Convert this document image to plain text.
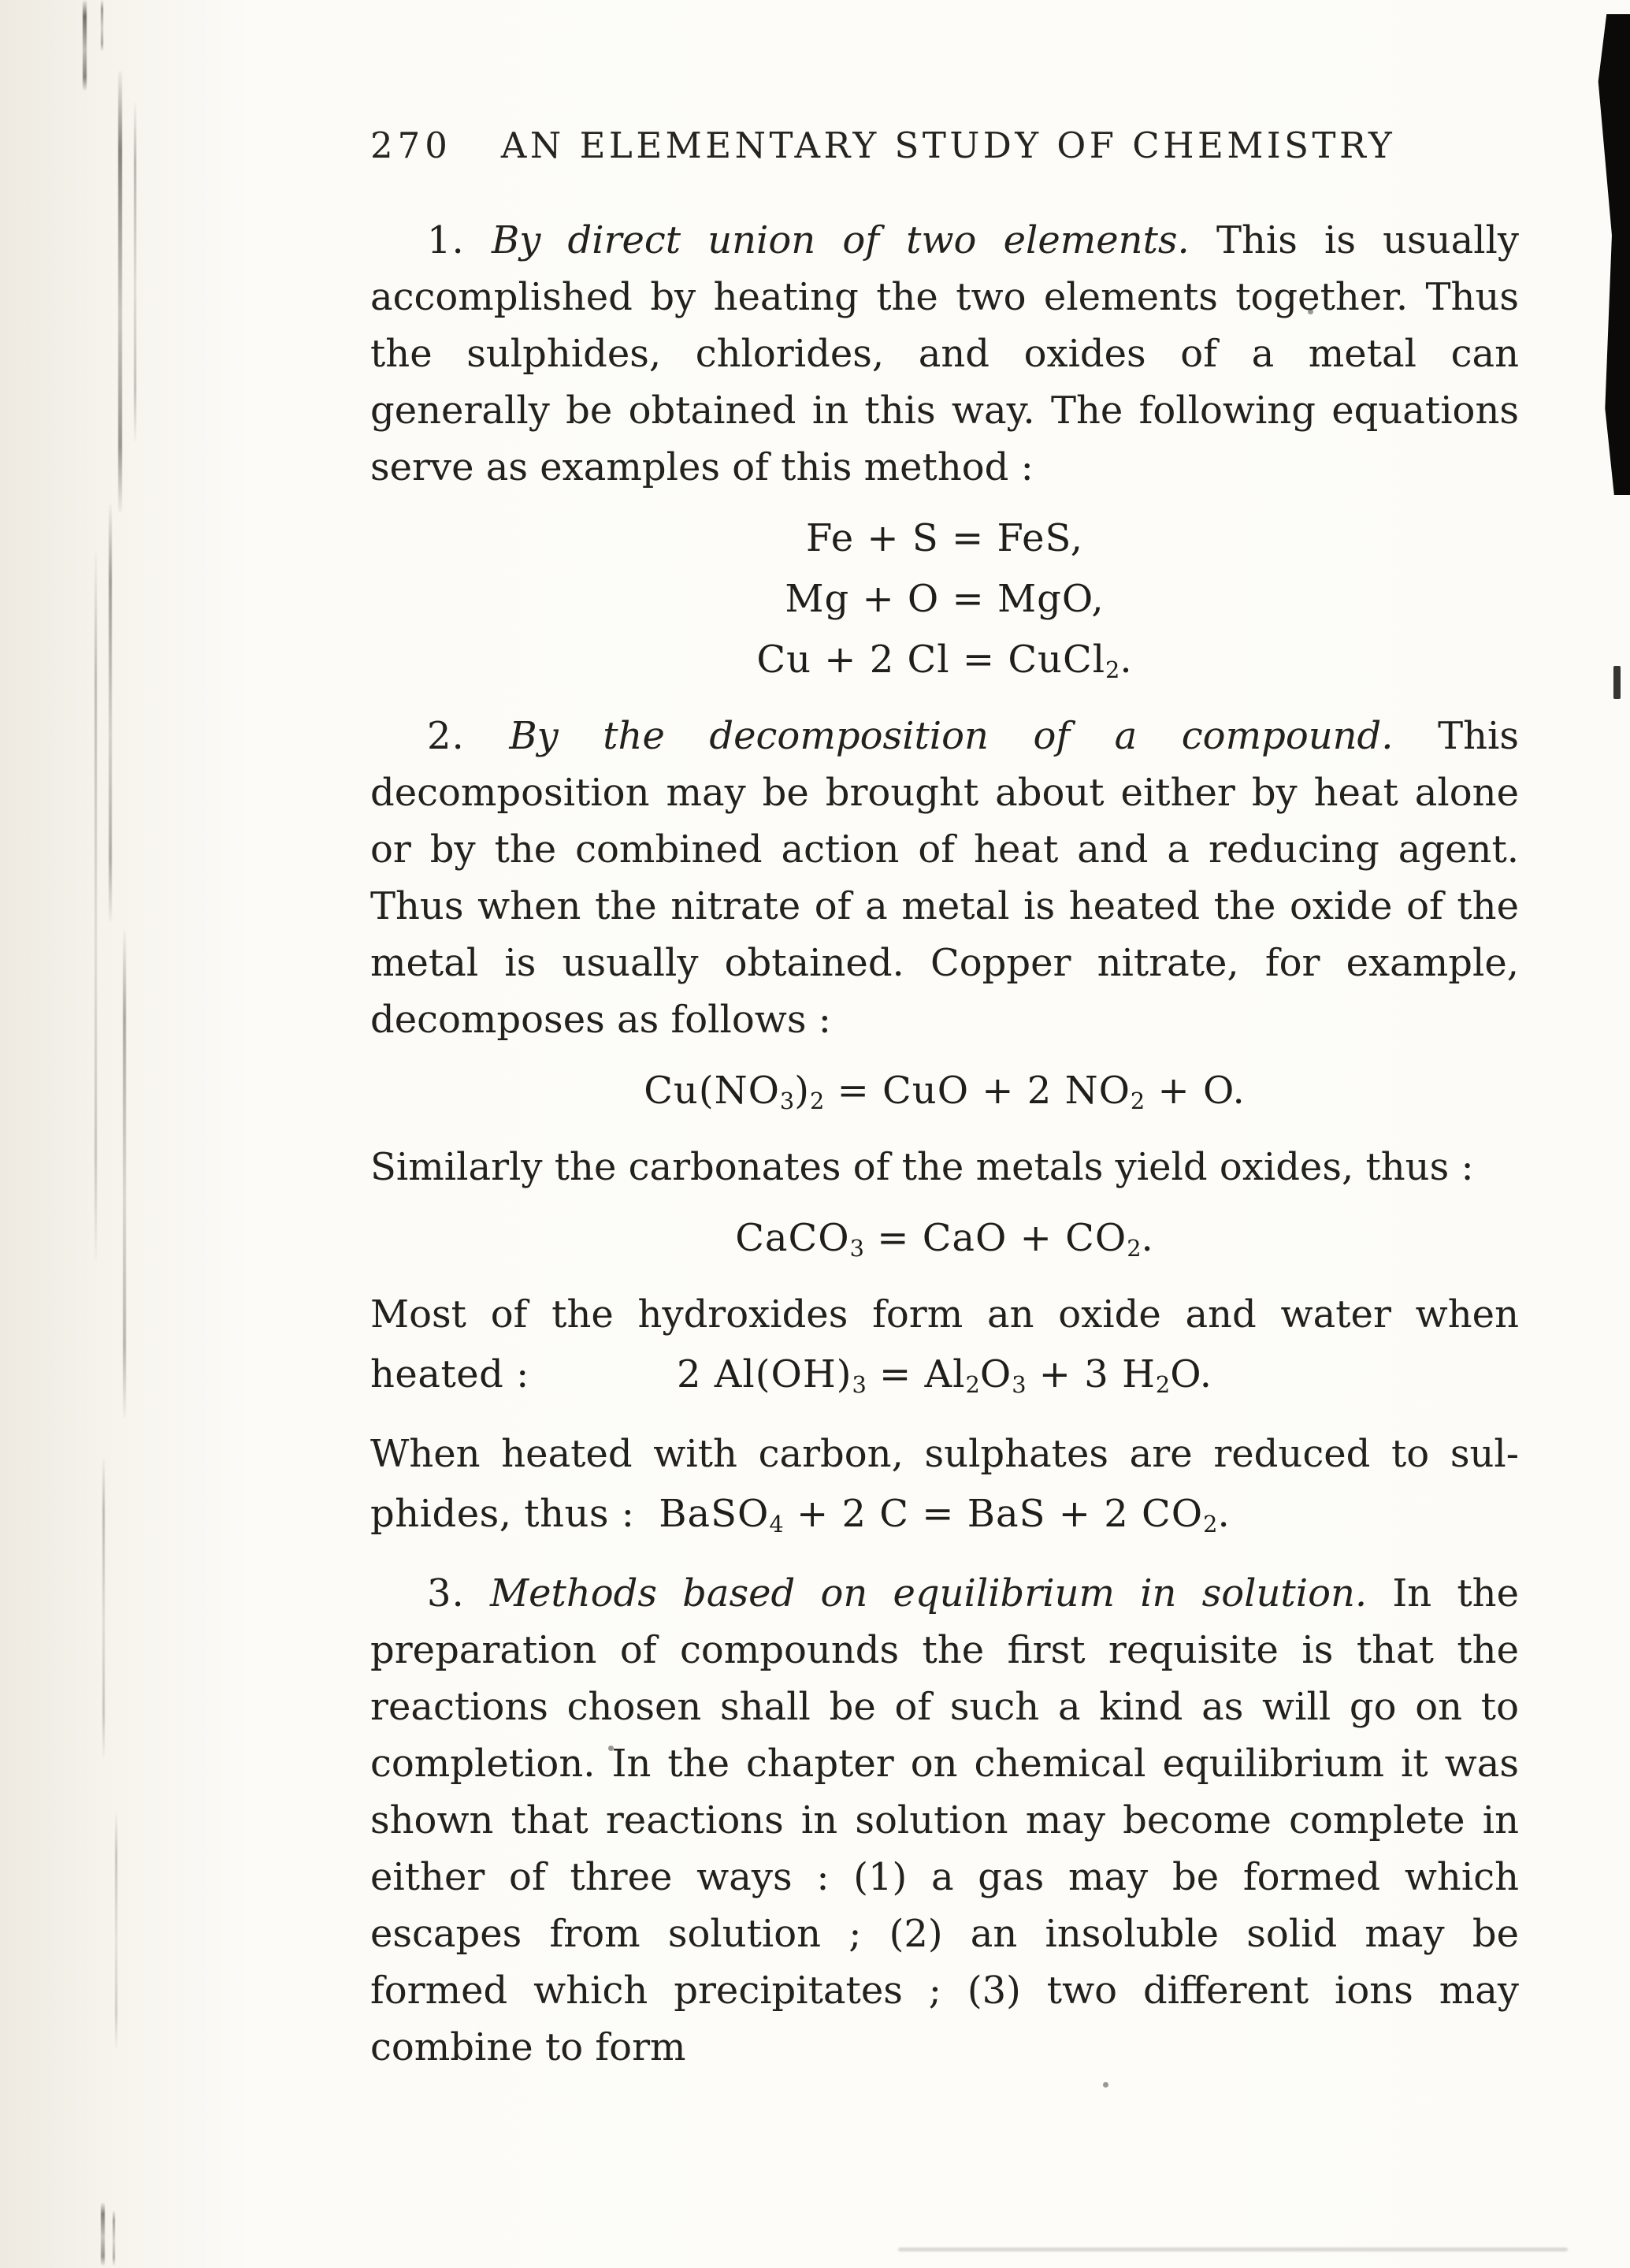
270 AN ELEMENTARY STUDY OF CHEMISTRY

1. By direct union of two elements. This is usually accomplished by heating the two elements together. Thus the sulphides, chlorides, and oxides of a metal can generally be obtained in this way. The following equations serve as examples of this method :

Fe + S = FeS,
Mg + O = MgO,
Cu + 2 Cl = CuCl$_2$.

2. By the decomposition of a compound. This decomposition may be brought about either by heat alone or by the combined action of heat and a reducing agent. Thus when the nitrate of a metal is heated the oxide of the metal is usually obtained. Copper nitrate, for example, decomposes as follows :

$Cu(NO_3)_2$ = CuO + 2 $NO_2 + O$.

Similarly the carbonates of the metals yield oxides, thus :

CaCO$_3$ = CaO + $CO_2$.

Most of the hydroxides form an oxide and water when

heated :	2 $Al(OH)_3 = Al_2O_3 + 3$ $H_2O$.

When heated with carbon, sulphates are reduced to sul-

phides, thus : BaSO$_4$ + 2 C = BaS + 2 $CO_2$.

3. Methods based on equilibrium in solution. In the preparation of compounds the first requisite is that the reactions chosen shall be of such a kind as will go on to completion. In the chapter on chemical equilibrium it was shown that reactions in solution may become complete in either of three ways : (1) a gas may be formed which escapes from solution ; (2) an insoluble solid may be formed which precipitates ; (3) two different ions may combine to form
